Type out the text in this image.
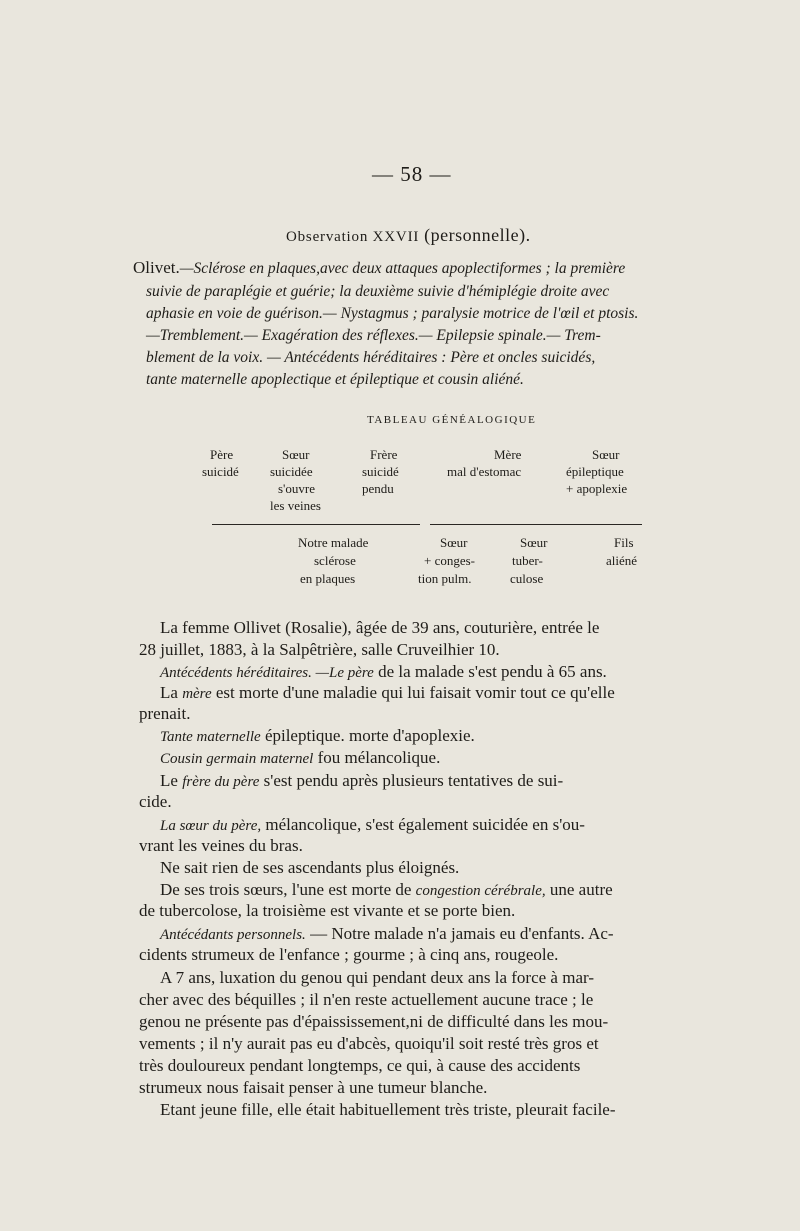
— 58 —
Observation XXVII (personnelle).
Olivet.—Sclérose en plaques,avec deux attaques apoplectiformes ; la première
suivie de paraplégie et guérie; la deuxième suivie d'hémiplégie droite avec
aphasie en voie de guérison.— Nystagmus ; paralysie motrice de l'œil et ptosis.
—Tremblement.— Exagération des réflexes.— Epilepsie spinale.— Trem-
blement de la voix. — Antécédents héréditaires : Père et oncles suicidés,
tante maternelle apoplectique et épileptique et cousin aliéné.
TABLEAU GÉNÉALOGIQUE
Père
suicidé
Sœur
suicidée
s'ouvre
les veines
Frère
suicidé
pendu
Mère
mal d'estomac
Sœur
épileptique
+ apoplexie
Notre malade
sclérose
en plaques
Sœur
+ conges-
tion pulm.
Sœur
tuber-
culose
Fils
aliéné
La femme Ollivet (Rosalie), âgée de 39 ans, couturière, entrée le
28 juillet, 1883, à la Salpêtrière, salle Cruveilhier 10.
Antécédents héréditaires. —Le père de la malade s'est pendu à 65 ans.
La mère est morte d'une maladie qui lui faisait vomir tout ce qu'elle
prenait.
Tante maternelle épileptique. morte d'apoplexie.
Cousin germain maternel fou mélancolique.
Le frère du père s'est pendu après plusieurs tentatives de sui-
cide.
La sœur du père, mélancolique, s'est également suicidée en s'ou-
vrant les veines du bras.
Ne sait rien de ses ascendants plus éloignés.
De ses trois sœurs, l'une est morte de congestion cérébrale, une autre
de tubercolose, la troisième est vivante et se porte bien.
Antécédants personnels. — Notre malade n'a jamais eu d'enfants. Ac-
cidents strumeux de l'enfance ; gourme ; à cinq ans, rougeole.
A 7 ans, luxation du genou qui pendant deux ans la force à mar-
cher avec des béquilles ; il n'en reste actuellement aucune trace ; le
genou ne présente pas d'épaississement,ni de difficulté dans les mou-
vements ; il n'y aurait pas eu d'abcès, quoiqu'il soit resté très gros et
très douloureux pendant longtemps, ce qui, à cause des accidents
strumeux nous faisait penser à une tumeur blanche.
Etant jeune fille, elle était habituellement très triste, pleurait facile-
